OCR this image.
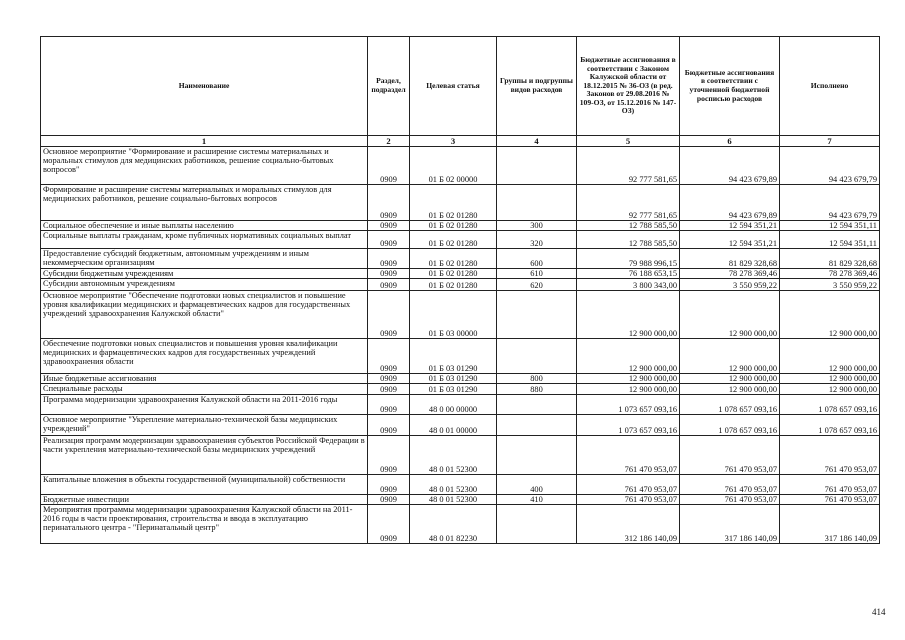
Наименование	Раздел, подраздел	Целевая статья	Группы и подгруппы видов расходов	Бюджетные ассигнования в соответствии с Законом Калужской области от 18.12.2015 № 36-ОЗ (в ред. Законов от 29.08.2016 № 109-ОЗ, от 15.12.2016 № 147-ОЗ)	Бюджетные ассигнования в соответствии с уточненной бюджетной росписью расходов	Исполнено
1	2	3	4	5	6	7
Основное мероприятие "Формирование и расширение системы материальных и моральных стимулов для медицинских работников, решение социально-бытовых вопросов"	0909	01 Б 02 00000		92 777 581,65	94 423 679,89	94 423 679,79
Формирование и расширение системы материальных и моральных стимулов для медицинских работников, решение социально-бытовых вопросов	0909	01 Б 02 01280		92 777 581,65	94 423 679,89	94 423 679,79
Социальное обеспечение и иные выплаты населению	0909	01 Б 02 01280	300	12 788 585,50	12 594 351,21	12 594 351,11
Социальные выплаты гражданам, кроме публичных нормативных социальных выплат	0909	01 Б 02 01280	320	12 788 585,50	12 594 351,21	12 594 351,11
Предоставление субсидий бюджетным, автономным учреждениям и иным некоммерческим организациям	0909	01 Б 02 01280	600	79 988 996,15	81 829 328,68	81 829 328,68
Субсидии бюджетным учреждениям	0909	01 Б 02 01280	610	76 188 653,15	78 278 369,46	78 278 369,46
Субсидии автономным учреждениям	0909	01 Б 02 01280	620	3 800 343,00	3 550 959,22	3 550 959,22
Основное мероприятие "Обеспечение подготовки новых специалистов и повышение уровня квалификации медицинских и фармацевтических кадров для государственных учреждений здравоохранения Калужской области"	0909	01 Б 03 00000		12 900 000,00	12 900 000,00	12 900 000,00
Обеспечение подготовки новых специалистов и повышения уровня квалификации медицинских и фармацевтических кадров для государственных учреждений здравоохранения области	0909	01 Б 03 01290		12 900 000,00	12 900 000,00	12 900 000,00
Иные бюджетные ассигнования	0909	01 Б 03 01290	800	12 900 000,00	12 900 000,00	12 900 000,00
Специальные расходы	0909	01 Б 03 01290	880	12 900 000,00	12 900 000,00	12 900 000,00
Программа модернизации здравоохранения Калужской области на 2011-2016 годы	0909	48 0 00 00000		1 073 657 093,16	1 078 657 093,16	1 078 657 093,16
Основное мероприятие "Укрепление материально-технической базы медицинских учреждений"	0909	48 0 01 00000		1 073 657 093,16	1 078 657 093,16	1 078 657 093,16
Реализация программ модернизации здравоохранения субъектов Российской Федерации в части укрепления материально-технической базы медицинских учреждений	0909	48 0 01 52300		761 470 953,07	761 470 953,07	761 470 953,07
Капитальные вложения в объекты государственной (муниципальной) собственности	0909	48 0 01 52300	400	761 470 953,07	761 470 953,07	761 470 953,07
Бюджетные инвестиции	0909	48 0 01 52300	410	761 470 953,07	761 470 953,07	761 470 953,07
Мероприятия программы модернизации здравоохранения Калужской области на 2011-2016 годы в части проектирования, строительства и ввода в эксплуатацию перинатального центра - "Перинатальный центр"	0909	48 0 01 82230		312 186 140,09	317 186 140,09	317 186 140,09
414
